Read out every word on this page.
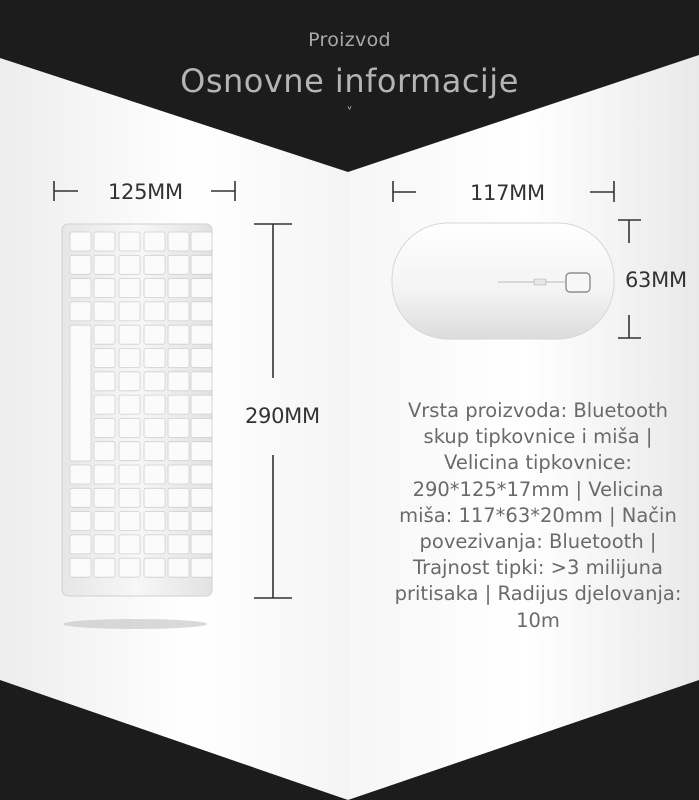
Proizvod
Osnovne informacije
˅
125MM
290MM
117MM
63MM
Vrsta proizvoda: Bluetooth skup tipkovnice i miša | Velicina tipkovnice: 290*125*17mm | Velicina miša: 117*63*20mm | Način povezivanja: Bluetooth | Trajnost tipki: >3 milijuna pritisaka | Radijus djelovanja: 10m
